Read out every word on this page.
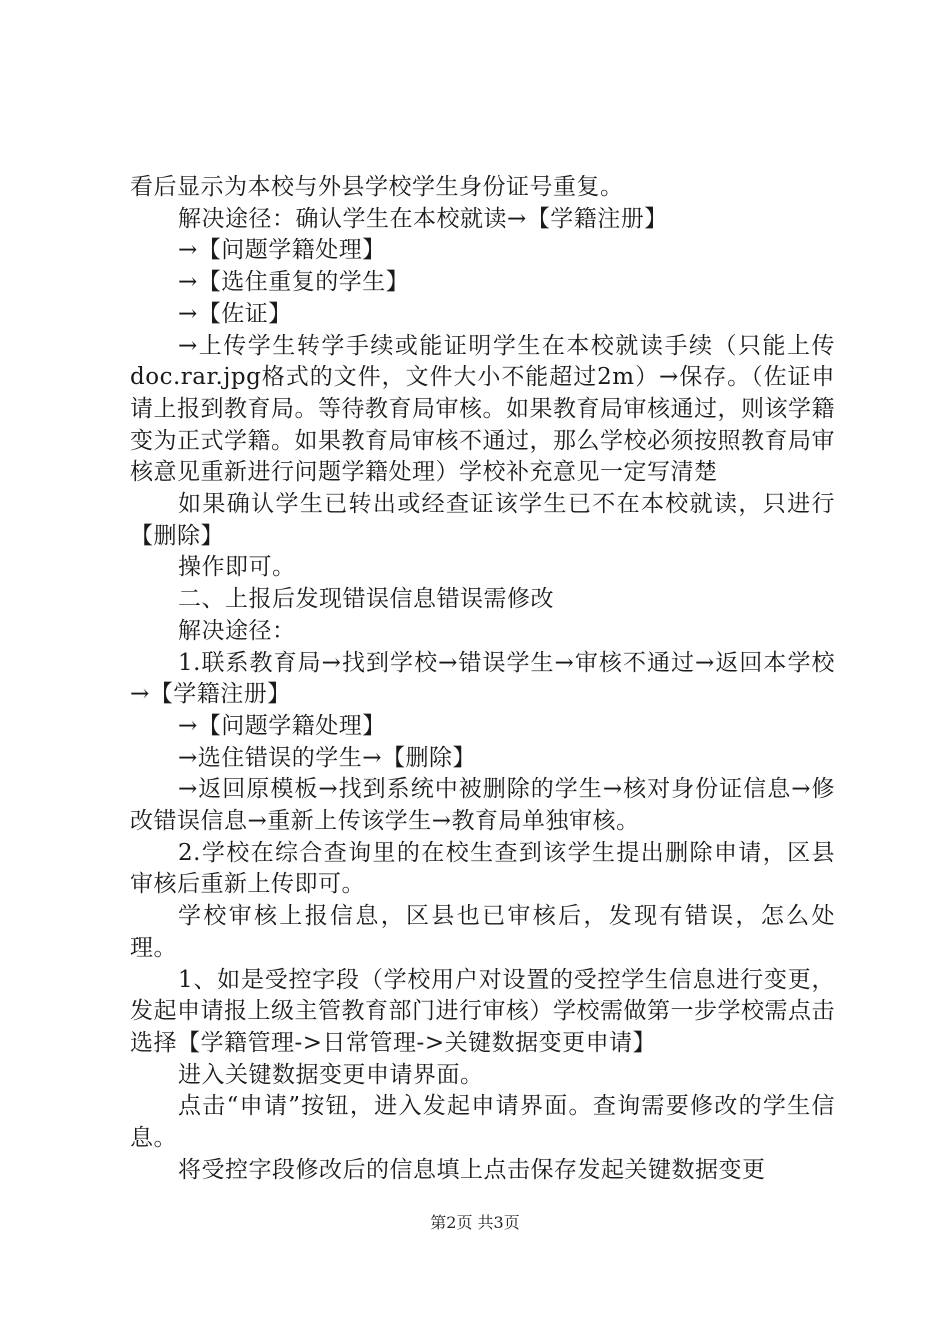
看后显示为本校与外县学校学生身份证号重复。

解决途径：确认学生在本校就读→【学籍注册】

→【问题学籍处理】

→【选住重复的学生】

→【佐证】

→上传学生转学手续或能证明学生在本校就读手续（只能上传doc.rar.jpg格式的文件，文件大小不能超过2m）→保存。（佐证申请上报到教育局。等待教育局审核。如果教育局审核通过，则该学籍变为正式学籍。如果教育局审核不通过，那么学校必须按照教育局审核意见重新进行问题学籍处理）学校补充意见一定写清楚

如果确认学生已转出或经查证该学生已不在本校就读，只进行【删除】

操作即可。

二、上报后发现错误信息错误需修改

解决途径：

1.联系教育局→找到学校→错误学生→审核不通过→返回本学校→【学籍注册】

→【问题学籍处理】

→选住错误的学生→【删除】

→返回原模板→找到系统中被删除的学生→核对身份证信息→修改错误信息→重新上传该学生→教育局单独审核。

2.学校在综合查询里的在校生查到该学生提出删除申请，区县审核后重新上传即可。

学校审核上报信息，区县也已审核后，发现有错误，怎么处理。

1、如是受控字段（学校用户对设置的受控学生信息进行变更，发起申请报上级主管教育部门进行审核）学校需做第一步学校需点击选择【学籍管理->日常管理->关键数据变更申请】

进入关键数据变更申请界面。

点击“申请”按钮，进入发起申请界面。查询需要修改的学生信息。

将受控字段修改后的信息填上点击保存发起关键数据变更

第2页 共3页
